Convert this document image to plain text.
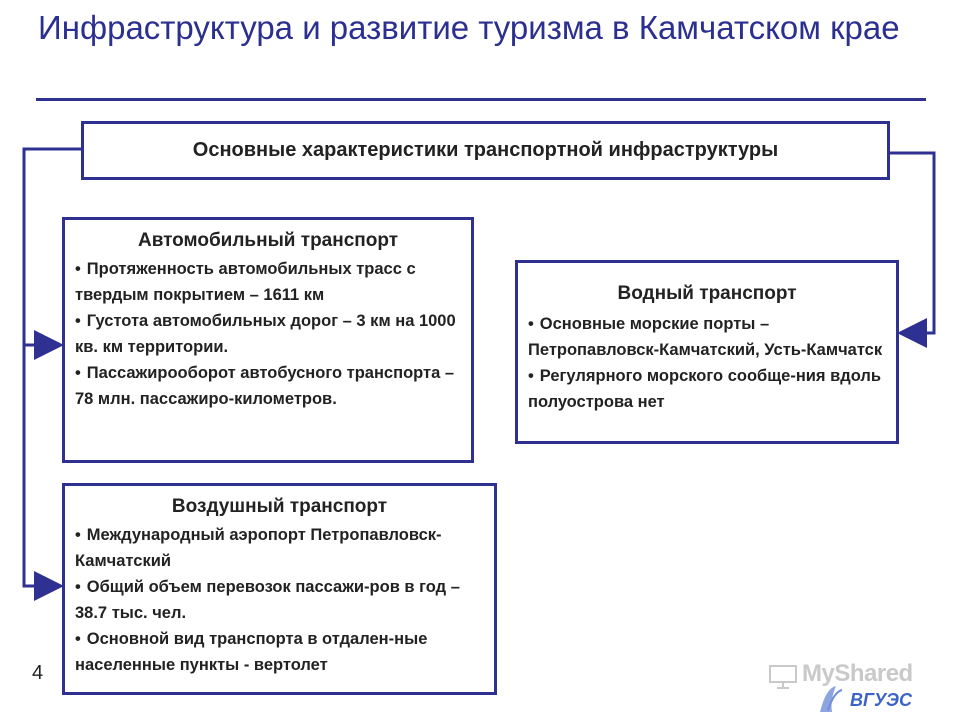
Инфраструктура и развитие туризма в Камчатском крае
Основные характеристики транспортной инфраструктуры
Автомобильный транспорт

• Протяженность автомобильных трасс с твердым покрытием – 1611 км

• Густота автомобильных дорог – 3 км на 1000 кв. км территории.

• Пассажирооборот автобусного транспорта – 78 млн. пассажиро-километров.

Водный транспорт

• Основные морские порты – Петропавловск-Камчатский, Усть-Камчатск

• Регулярного морского сообще-ния вдоль полуострова нет

Воздушный транспорт

• Международный аэропорт Петропавловск-Камчатский

• Общий объем перевозок пассажи-ров в год – 38.7 тыс. чел.

• Основной вид транспорта в отдален-ные населенные пункты - вертолет

4	MyShared
ВГУЭС
